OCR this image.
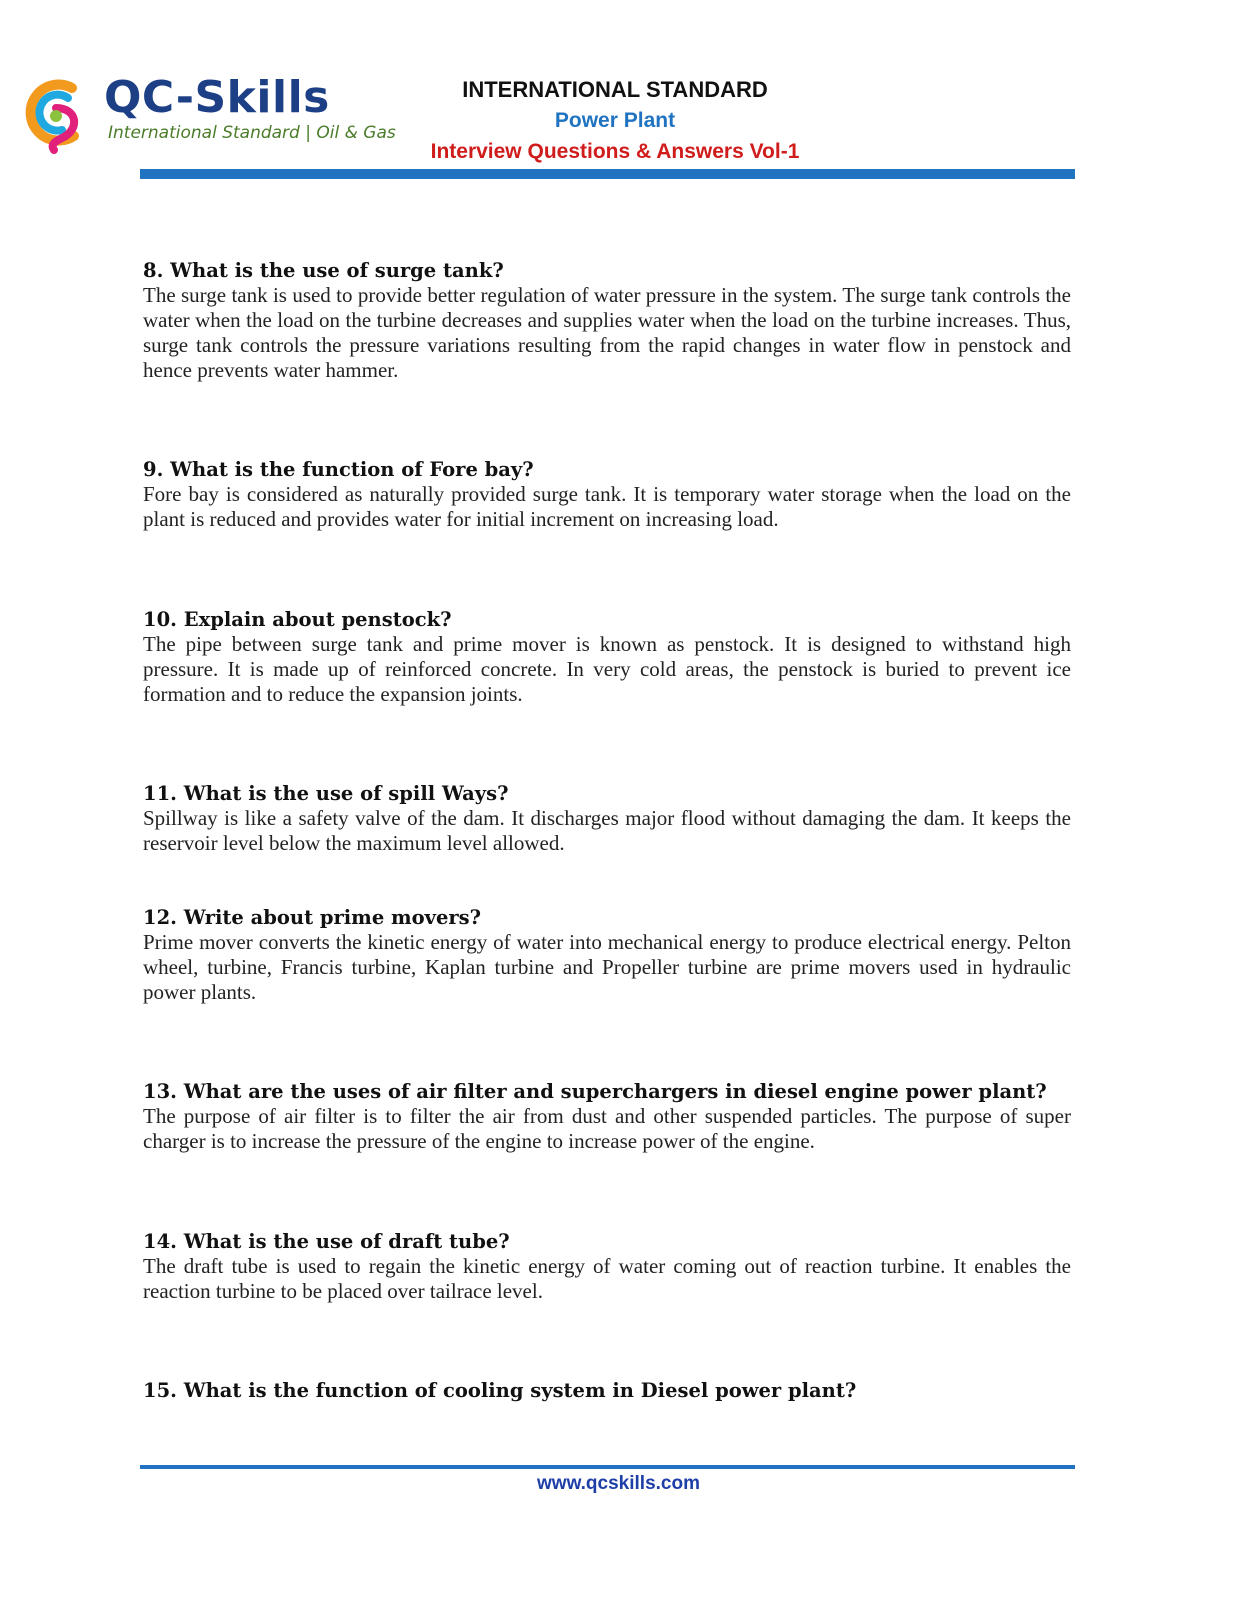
QC-Skills
International Standard | Oil & Gas
INTERNATIONAL STANDARD
Power Plant
Interview Questions & Answers Vol-1
8. What is the use of surge tank?
The surge tank is used to provide better regulation of water pressure in the system. The surge tank controls the water when the load on the turbine decreases and supplies water when the load on the turbine increases. Thus, surge tank controls the pressure variations resulting from the rapid changes in water flow in penstock and hence prevents water hammer.
9. What is the function of Fore bay?
Fore bay is considered as naturally provided surge tank. It is temporary water storage when the load on the plant is reduced and provides water for initial increment on increasing load.
10. Explain about penstock?
The pipe between surge tank and prime mover is known as penstock. It is designed to withstand high pressure. It is made up of reinforced concrete. In very cold areas, the penstock is buried to prevent ice formation and to reduce the expansion joints.
11. What is the use of spill Ways?
Spillway is like a safety valve of the dam. It discharges major flood without damaging the dam. It keeps the reservoir level below the maximum level allowed.
12. Write about prime movers?
Prime mover converts the kinetic energy of water into mechanical energy to produce electrical energy. Pelton wheel, turbine, Francis turbine, Kaplan turbine and Propeller turbine are prime movers used in hydraulic power plants.
13. What are the uses of air filter and superchargers in diesel engine power plant?
The purpose of air filter is to filter the air from dust and other suspended particles. The purpose of super charger is to increase the pressure of the engine to increase power of the engine.
14. What is the use of draft tube?
The draft tube is used to regain the kinetic energy of water coming out of reaction turbine. It enables the reaction turbine to be placed over tailrace level.
15. What is the function of cooling system in Diesel power plant?
www.qcskills.com
